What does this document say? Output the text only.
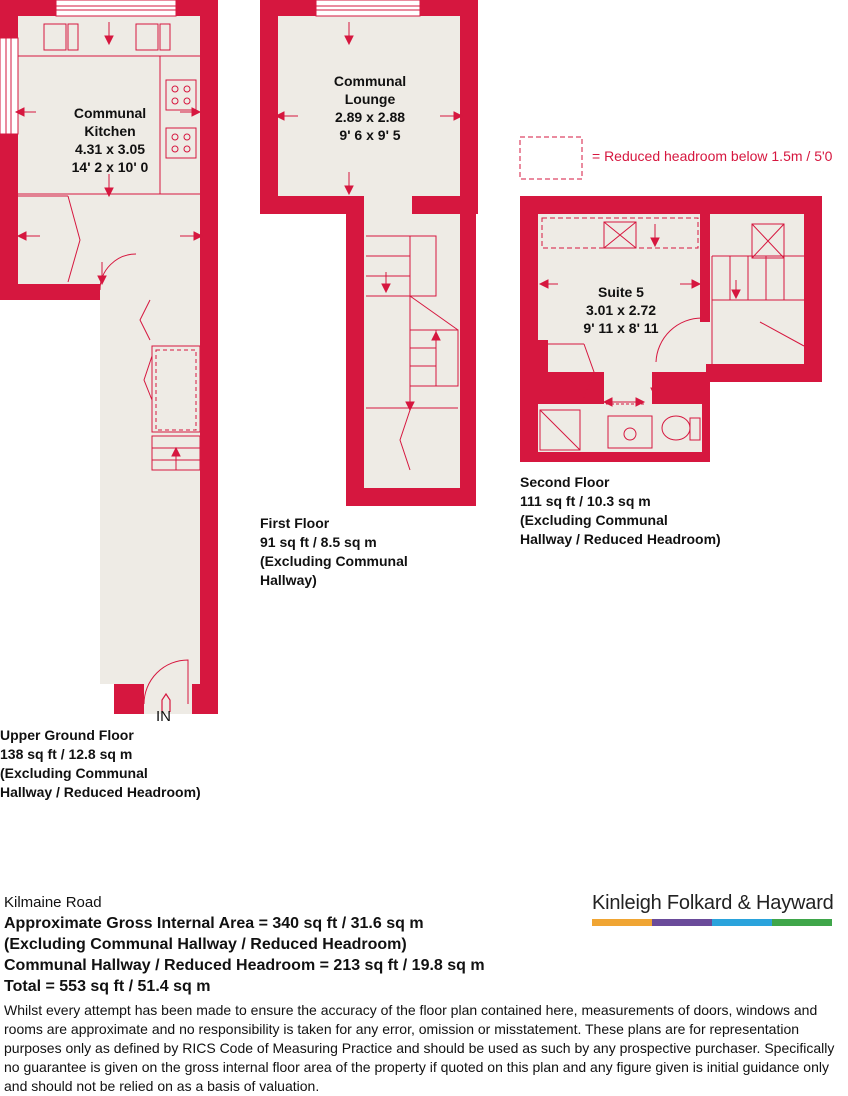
Communal
Kitchen
4.31 x 3.05
14' 2 x 10' 0
Communal
Lounge
2.89 x 2.88
9' 6 x 9' 5
Suite 5
3.01 x 2.72
9' 11 x 8' 11
IN
= Reduced headroom below 1.5m / 5'0
Upper Ground Floor
138 sq ft / 12.8 sq m
(Excluding Communal
Hallway / Reduced Headroom)
First Floor
91 sq ft / 8.5 sq m
(Excluding Communal
Hallway)
Second Floor
111 sq ft / 10.3 sq m
(Excluding Communal
Hallway / Reduced Headroom)
Kilmaine Road
Approximate Gross Internal Area = 340 sq ft / 31.6 sq m
(Excluding Communal Hallway / Reduced Headroom)
Communal Hallway / Reduced Headroom = 213 sq ft / 19.8 sq m
Total = 553 sq ft / 51.4 sq m
Whilst every attempt has been made to ensure the accuracy of the floor plan contained here, measurements of doors, windows and rooms are approximate and no responsibility is taken for any error, omission or misstatement. These plans are for representation purposes only as defined by RICS Code of Measuring Practice and should be used as such by any prospective purchaser. Specifically no guarantee is given on the gross internal floor area of the property if quoted on this plan and any figure given is initial guidance only and should not be relied on as a basis of valuation.
Kinleigh Folkard & Hayward
